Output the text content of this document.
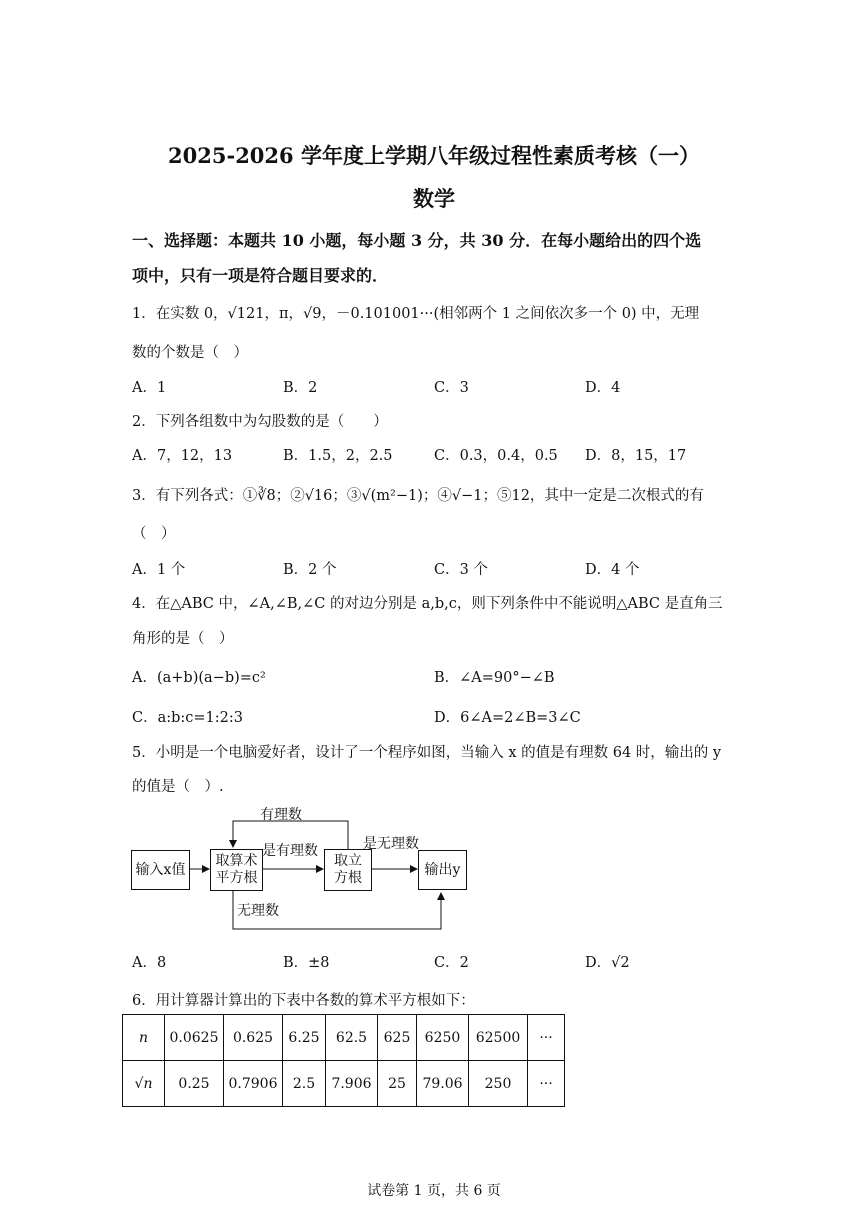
2025-2026 学年度上学期八年级过程性素质考核（一）
数学
一、选择题：本题共 10 小题，每小题 3 分，共 30 分．在每小题给出的四个选
项中，只有一项是符合题目要求的．
1．在实数 0，√121，π，√9，－0.101001···(相邻两个 1 之间依次多一个 0) 中，无理
数的个数是（　）
A．1	B．2	C．3	D．4
2．下列各组数中为勾股数的是（　　）
A．7，12，13	B．1.5，2，2.5	C．0.3，0.4，0.5 D．8，15，17
3．有下列各式：①∛8；②√16；③√(m²−1)；④√−1；⑤12，其中一定是二次根式的有
（　）
A．1 个	B．2 个	C．3 个	D．4 个
4．在△ABC 中，∠A,∠B,∠C 的对边分别是 a,b,c，则下列条件中不能说明△ABC 是直角三
角形的是（　）
A．(a+b)(a−b)=c²	B．∠A=90°−∠B
C．a:b:c=1:2:3	D．6∠A=2∠B=3∠C
5．小明是一个电脑爱好者，设计了一个程序如图，当输入 x 的值是有理数 64 时，输出的 y
的值是（　）.
输入x值
取算术
平方根
取立
方根
输出y
有理数
是有理数	是无理数
无理数
A．8	B．±8	C．2	D．√2
6．用计算器计算出的下表中各数的算术平方根如下：
n	0.0625	0.625	6.25	62.5	625	6250	62500	···
√n	0.25	0.7906	2.5	7.906	25	79.06	250	···
试卷第 1 页，共 6 页
